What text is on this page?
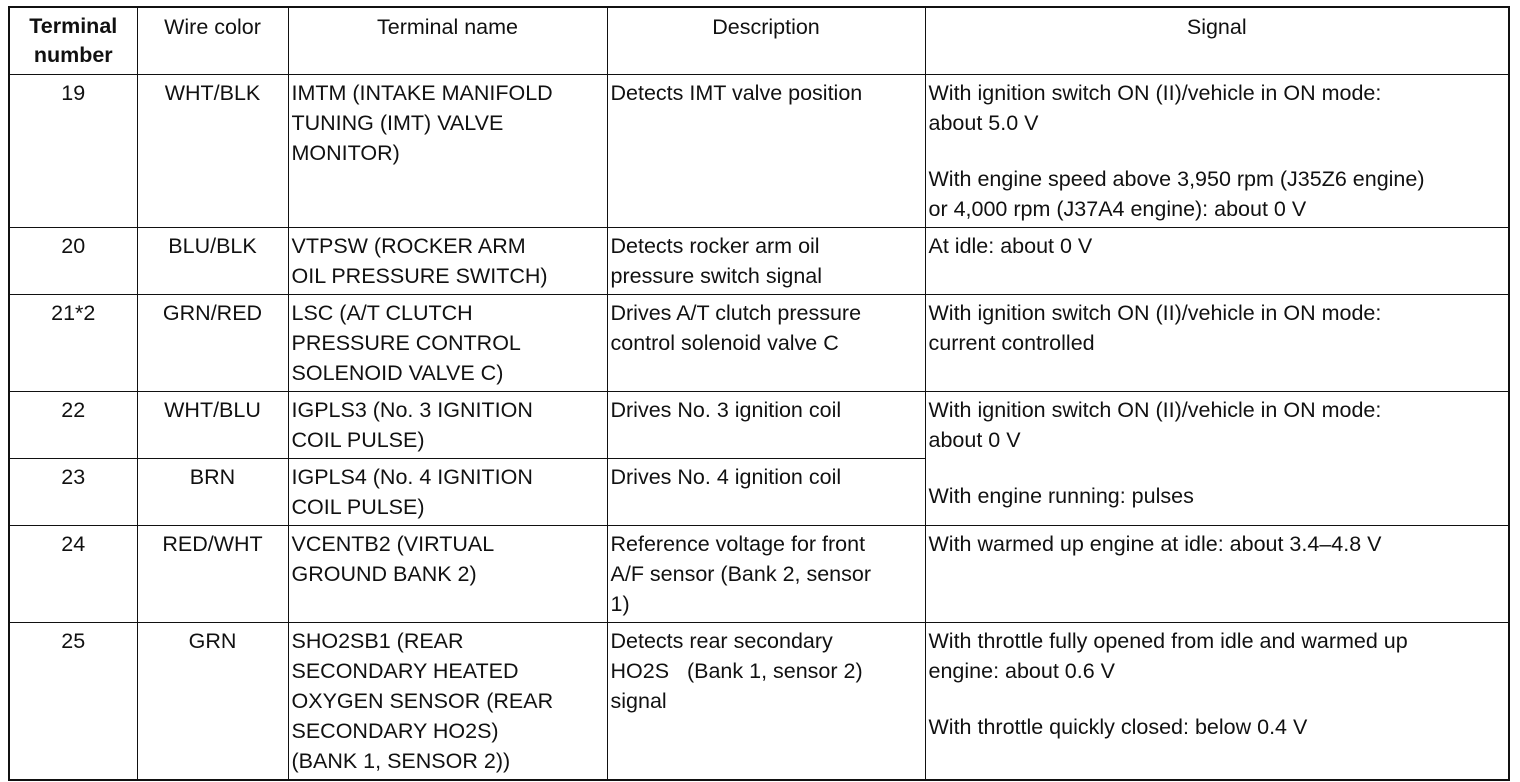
Terminal
number	Wire color	Terminal name	Description	Signal
19	WHT/BLK	IMTM (INTAKE MANIFOLD
TUNING (IMT) VALVE
MONITOR)	Detects IMT valve position	With ignition switch ON (II)/vehicle in ON mode:
about 5.0 V
With engine speed above 3,950 rpm (J35Z6 engine)
or 4,000 rpm (J37A4 engine): about 0 V

20	BLU/BLK	VTPSW (ROCKER ARM
OIL PRESSURE SWITCH)	Detects rocker arm oil
pressure switch signal	At idle: about 0 V

21*2	GRN/RED	LSC (A/T CLUTCH
PRESSURE CONTROL
SOLENOID VALVE C)	Drives A/T clutch pressure
control solenoid valve C	With ignition switch ON (II)/vehicle in ON mode:
current controlled

22	WHT/BLU	IGPLS3 (No. 3 IGNITION
COIL PULSE)	Drives No. 3 ignition coil	With ignition switch ON (II)/vehicle in ON mode:
about 0 V
With engine running: pulses

23	BRN	IGPLS4 (No. 4 IGNITION
COIL PULSE)	Drives No. 4 ignition coil	

24	RED/WHT	VCENTB2 (VIRTUAL
GROUND BANK 2)	Reference voltage for front
A/F sensor (Bank 2, sensor
1)	With warmed up engine at idle: about 3.4–4.8 V

25	GRN	SHO2SB1 (REAR
SECONDARY HEATED
OXYGEN SENSOR (REAR
SECONDARY HO2S)
(BANK 1, SENSOR 2))	Detects rear secondary
HO2S   (Bank 1, sensor 2)
signal	With throttle fully opened from idle and warmed up
engine: about 0.6 V
With throttle quickly closed: below 0.4 V
